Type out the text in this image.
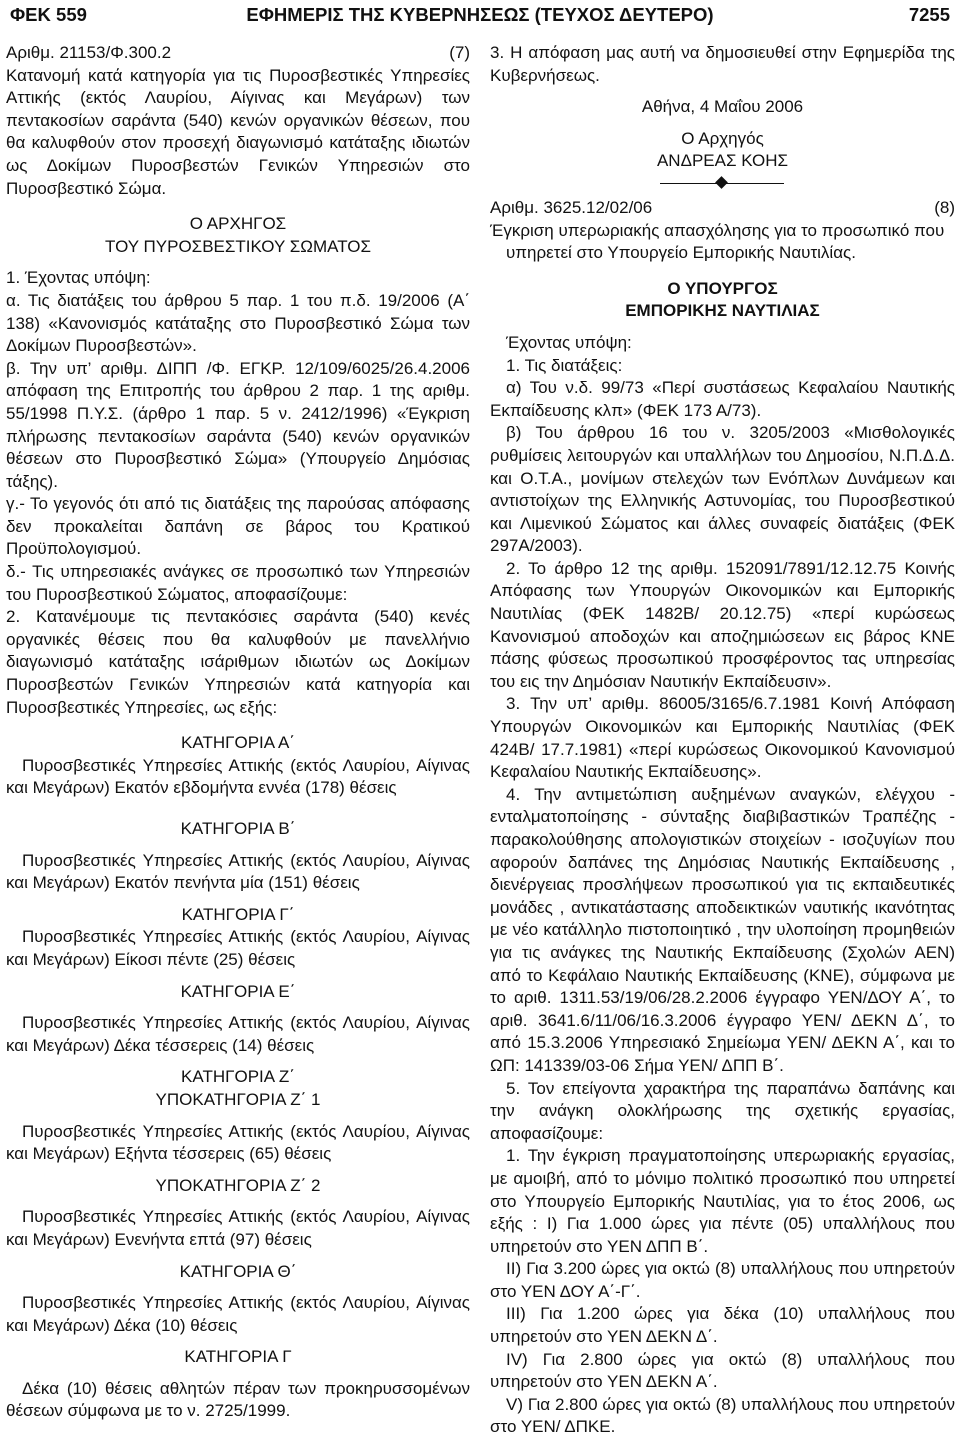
ΦΕΚ 559	ΕΦΗΜΕΡΙΣ ΤΗΣ ΚΥΒΕΡΝΗΣΕΩΣ (ΤΕΥΧΟΣ ΔΕΥΤΕΡΟ)	7255
Αριθμ. 21153/Φ.300.2	(7)

Κατανομή κατά κατηγορία για τις Πυροσβεστικές Υπηρεσίες Αττικής (εκτός Λαυρίου, Αίγινας και Μεγάρων) των πεντακοσίων σαράντα (540) κενών οργανικών θέσεων, που θα καλυφθούν στον προσεχή διαγωνισμό κατάταξης ιδιωτών ως Δοκίμων Πυροσβεστών Γενικών Υπηρεσιών στο Πυροσβεστικό Σώμα.

Ο ΑΡΧΗΓΟΣ

ΤΟΥ ΠΥΡΟΣΒΕΣΤΙΚΟΥ ΣΩΜΑΤΟΣ

1. Έχοντας υπόψη:

α. Τις διατάξεις του άρθρου 5 παρ. 1 του π.δ. 19/2006 (Α΄ 138) «Κανονισμός κατάταξης στο Πυροσβεστικό Σώμα των Δοκίμων Πυροσβεστών».

β. Την υπ’ αριθμ. ΔΙΠΠ /Φ. ΕΓΚΡ. 12/109/6025/26.4.2006 απόφαση της Επιτροπής του άρθρου 2 παρ. 1 της αριθμ. 55/1998 Π.Υ.Σ. (άρθρο 1 παρ. 5 ν. 2412/1996) «Έγκριση πλήρωσης πεντακοσίων σαράντα (540) κενών οργανικών θέσεων στο Πυροσβεστικό Σώμα» (Υπουργείο Δημόσιας τάξης).

γ.- Το γεγονός ότι από τις διατάξεις της παρούσας απόφασης δεν προκαλείται δαπάνη σε βάρος του Κρατικού Προϋπολογισμού.

δ.- Τις υπηρεσιακές ανάγκες σε προσωπικό των Υπηρεσιών του Πυροσβεστικού Σώματος, αποφασίζουμε:

2. Κατανέμουμε τις πεντακόσιες σαράντα (540) κενές οργανικές θέσεις που θα καλυφθούν με πανελλήνιο διαγωνισμό κατάταξης ισάριθμων ιδιωτών ως Δοκίμων Πυροσβεστών Γενικών Υπηρεσιών κατά κατηγορία και Πυροσβεστικές Υπηρεσίες, ως εξής:

ΚΑΤΗΓΟΡΙΑ Α΄

Πυροσβεστικές Υπηρεσίες Αττικής (εκτός Λαυρίου, Αίγινας και Μεγάρων) Εκατόν εβδομήντα εννέα (178) θέσεις

ΚΑΤΗΓΟΡΙΑ Β΄

Πυροσβεστικές Υπηρεσίες Αττικής (εκτός Λαυρίου, Αίγινας και Μεγάρων) Εκατόν πενήντα μία (151) θέσεις

ΚΑΤΗΓΟΡΙΑ Γ΄

Πυροσβεστικές Υπηρεσίες Αττικής (εκτός Λαυρίου, Αίγινας και Μεγάρων) Είκοσι πέντε (25) θέσεις

ΚΑΤΗΓΟΡΙΑ Ε΄

Πυροσβεστικές Υπηρεσίες Αττικής (εκτός Λαυρίου, Αίγινας και Μεγάρων) Δέκα τέσσερεις (14) θέσεις

ΚΑΤΗΓΟΡΙΑ Ζ΄

ΥΠΟΚΑΤΗΓΟΡΙΑ Ζ΄ 1

Πυροσβεστικές Υπηρεσίες Αττικής (εκτός Λαυρίου, Αίγινας και Μεγάρων) Εξήντα τέσσερεις (65) θέσεις

ΥΠΟΚΑΤΗΓΟΡΙΑ Ζ΄ 2

Πυροσβεστικές Υπηρεσίες Αττικής (εκτός Λαυρίου, Αίγινας και Μεγάρων) Ενενήντα επτά (97) θέσεις

ΚΑΤΗΓΟΡΙΑ Θ΄

Πυροσβεστικές Υπηρεσίες Αττικής (εκτός Λαυρίου, Αίγινας και Μεγάρων) Δέκα (10) θέσεις

ΚΑΤΗΓΟΡΙΑ Γ

Δέκα (10) θέσεις αθλητών πέραν των προκηρυσσομένων θέσεων σύμφωνα με το ν. 2725/1999.

3. Η απόφαση μας αυτή να δημοσιευθεί στην Εφημερίδα της Κυβερνήσεως.

Αθήνα, 4 Μαΐου 2006

Ο Αρχηγός

ΑΝΔΡΕΑΣ ΚΟΗΣ

Αριθμ. 3625.12/02/06	(8)

Έγκριση υπερωριακής απασχόλησης για το προσωπικό που υπηρετεί στο Υπουργείο Εμπορικής Ναυτιλίας.

Ο ΥΠΟΥΡΓΟΣ

ΕΜΠΟΡΙΚΗΣ ΝΑΥΤΙΛΙΑΣ

Έχοντας υπόψη:

1. Τις διατάξεις:

α) Του ν.δ. 99/73 «Περί συστάσεως Κεφαλαίου Ναυτικής Εκπαίδευσης κλπ» (ΦΕΚ 173 Α/73).

β) Του άρθρου 16 του ν. 3205/2003 «Μισθολογικές ρυθμίσεις λειτουργών και υπαλλήλων του Δημοσίου, Ν.Π.Δ.Δ. και Ο.Τ.Α., μονίμων στελεχών των Ενόπλων Δυνάμεων και αντιστοίχων της Ελληνικής Αστυνομίας, του Πυροσβεστικού και Λιμενικού Σώματος και άλλες συναφείς διατάξεις (ΦΕΚ 297Α/2003).

2. Το άρθρο 12 της αριθμ. 152091/7891/12.12.75 Κοινής Απόφασης των Υπουργών Οικονομικών και Εμπορικής Ναυτιλίας (ΦΕΚ 1482Β/ 20.12.75) «περί κυρώσεως Κανονισμού αποδοχών και αποζημιώσεων εις βάρος ΚΝΕ πάσης φύσεως προσωπικού προσφέροντος τας υπηρεσίας του εις την Δημόσιαν Ναυτικήν Εκπαίδευσιν».

3. Την υπ’ αριθμ. 86005/3165/6.7.1981 Κοινή Απόφαση Υπουργών Οικονομικών και Εμπορικής Ναυτιλίας (ΦΕΚ 424Β/ 17.7.1981) «περί κυρώσεως Οικονομικού Κανονισμού Κεφαλαίου Ναυτικής Εκπαίδευσης».

4. Την αντιμετώπιση αυξημένων αναγκών, ελέγχου - ενταλματοποίησης - σύνταξης διαβιβαστικών Τραπέζης - παρακολούθησης απολογιστικών στοιχείων - ισοζυγίων που αφορούν δαπάνες της Δημόσιας Ναυτικής Εκπαίδευσης , διενέργειας προσλήψεων προσωπικού για τις εκπαιδευτικές μονάδες , αντικατάστασης αποδεικτικών ναυτικής ικανότητας με νέο κατάλληλο πιστοποιητικό , την υλοποίηση προμηθειών για τις ανάγκες της Ναυτικής Εκπαίδευσης (Σχολών ΑΕΝ) από το Κεφάλαιο Ναυτικής Εκπαίδευσης (ΚΝΕ), σύμφωνα με το αριθ. 1311.53/19/06/28.2.2006 έγγραφο ΥΕΝ/ΔΟΥ Α΄, το αριθ. 3641.6/11/06/16.3.2006 έγγραφο ΥΕΝ/ ΔΕΚΝ Δ΄, το από 15.3.2006 Υπηρεσιακό Σημείωμα ΥΕΝ/ ΔΕΚΝ Α΄, και το ΩΠ: 141339/03-06 Σήμα ΥΕΝ/ ΔΠΠ Β΄.

5. Τον επείγοντα χαρακτήρα της παραπάνω δαπάνης και την ανάγκη ολοκλήρωσης της σχετικής εργασίας, αποφασίζουμε:

1. Την έγκριση πραγματοποίησης υπερωριακής εργασίας, με αμοιβή, από το μόνιμο πολιτικό προσωπικό που υπηρετεί στο Υπουργείο Εμπορικής Ναυτιλίας, για το έτος 2006, ως εξής : Ι) Για 1.000 ώρες για πέντε (05) υπαλλήλους που υπηρετούν στο ΥΕΝ ΔΠΠ Β΄.

ΙΙ) Για 3.200 ώρες για οκτώ (8) υπαλλήλους που υπηρετούν στο ΥΕΝ ΔΟΥ Α΄-Γ΄.

ΙΙΙ) Για 1.200 ώρες για δέκα (10) υπαλλήλους που υπηρετούν στο ΥΕΝ ΔΕΚΝ Δ΄.

ΙV) Για 2.800 ώρες για οκτώ (8) υπαλλήλους που υπηρετούν στο ΥΕΝ ΔΕΚΝ Α΄.

V) Για 2.800 ώρες για οκτώ (8) υπαλλήλους που υπηρετούν στο ΥΕΝ/ ΔΠΚΕ.
